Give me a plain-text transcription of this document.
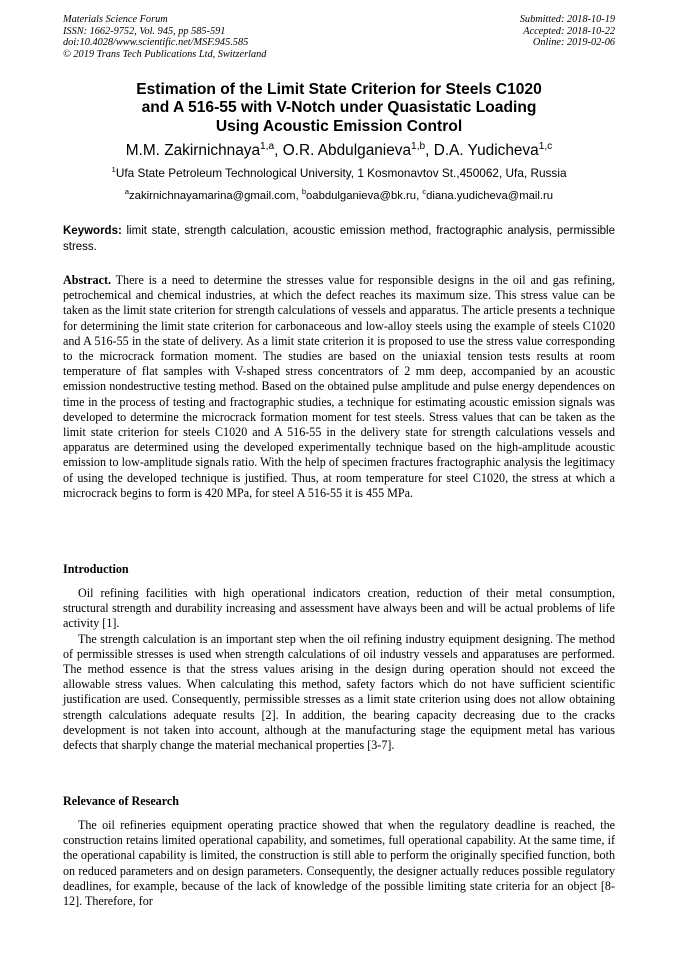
Materials Science Forum
ISSN: 1662-9752, Vol. 945, pp 585-591
doi:10.4028/www.scientific.net/MSF.945.585
© 2019 Trans Tech Publications Ltd, Switzerland
Submitted: 2018-10-19
Accepted: 2018-10-22
Online: 2019-02-06
Estimation of the Limit State Criterion for Steels C1020
and A 516-55 with V-Notch under Quasistatic Loading
Using Acoustic Emission Control
M.M. Zakirnichnaya$^{1,a}$, O.R. Abdulganieva$^{1,b}$, D.A. Yudicheva$^{1,c}$
$^1$Ufa State Petroleum Technological University, 1 Kosmonavtov St.,450062, Ufa, Russia
$^a$zakirnichnayamarina@gmail.com, $^b$oabdulganieva@bk.ru, $^c$diana.yudicheva@mail.ru
Keywords: limit state, strength calculation, acoustic emission method, fractographic analysis, permissible stress.
Abstract. There is a need to determine the stresses value for responsible designs in the oil and gas refining, petrochemical and chemical industries, at which the defect reaches its maximum size. This stress value can be taken as the limit state criterion for strength calculations of vessels and apparatus. The article presents a technique for determining the limit state criterion for carbonaceous and low-alloy steels using the example of steels C1020 and A 516-55 in the state of delivery. As a limit state criterion it is proposed to use the stress value corresponding to the microcrack formation moment. The studies are based on the uniaxial tension tests results at room temperature of flat samples with V-shaped stress concentrators of 2 mm deep, accompanied by an acoustic emission nondestructive testing method. Based on the obtained pulse amplitude and pulse energy dependences on time in the process of testing and fractographic studies, a technique for estimating acoustic emission signals was developed to determine the microcrack formation moment for test steels. Stress values that can be taken as the limit state criterion for steels C1020 and A 516-55 in the delivery state for strength calculations vessels and apparatus are determined using the developed experimentally technique based on the high-amplitude acoustic emission to low-amplitude signals ratio. With the help of specimen fractures fractographic analysis the legitimacy of using the developed technique is justified. Thus, at room temperature for steel C1020, the stress at which a microcrack begins to form is 420 MPa, for steel A 516-55 it is 455 MPa.
Introduction

Oil refining facilities with high operational indicators creation, reduction of their metal consumption, structural strength and durability increasing and assessment have always been and will be actual problems of life activity [1].

The strength calculation is an important step when the oil refining industry equipment designing. The method of permissible stresses is used when strength calculations of oil industry vessels and apparatuses are performed. The method essence is that the stress values arising in the design during operation should not exceed the allowable stress values. When calculating this method, safety factors which do not have sufficient scientific justification are used. Consequently, permissible stresses as a limit state criterion using does not allow obtaining strength calculations adequate results [2]. In addition, the bearing capacity decreasing due to the cracks development is not taken into account, although at the manufacturing stage the equipment metal has various defects that sharply change the material mechanical properties [3-7].

Relevance of Research

The oil refineries equipment operating practice showed that when the regulatory deadline is reached, the construction retains limited operational capability, and sometimes, full operational capability. At the same time, if the operational capability is limited, the construction is still able to perform the originally specified function, both on reduced parameters and on design parameters. Consequently, the designer actually reduces possible regulatory deadlines, for example, because of the lack of knowledge of the possible limiting state criteria for an object [8-12]. Therefore, for
